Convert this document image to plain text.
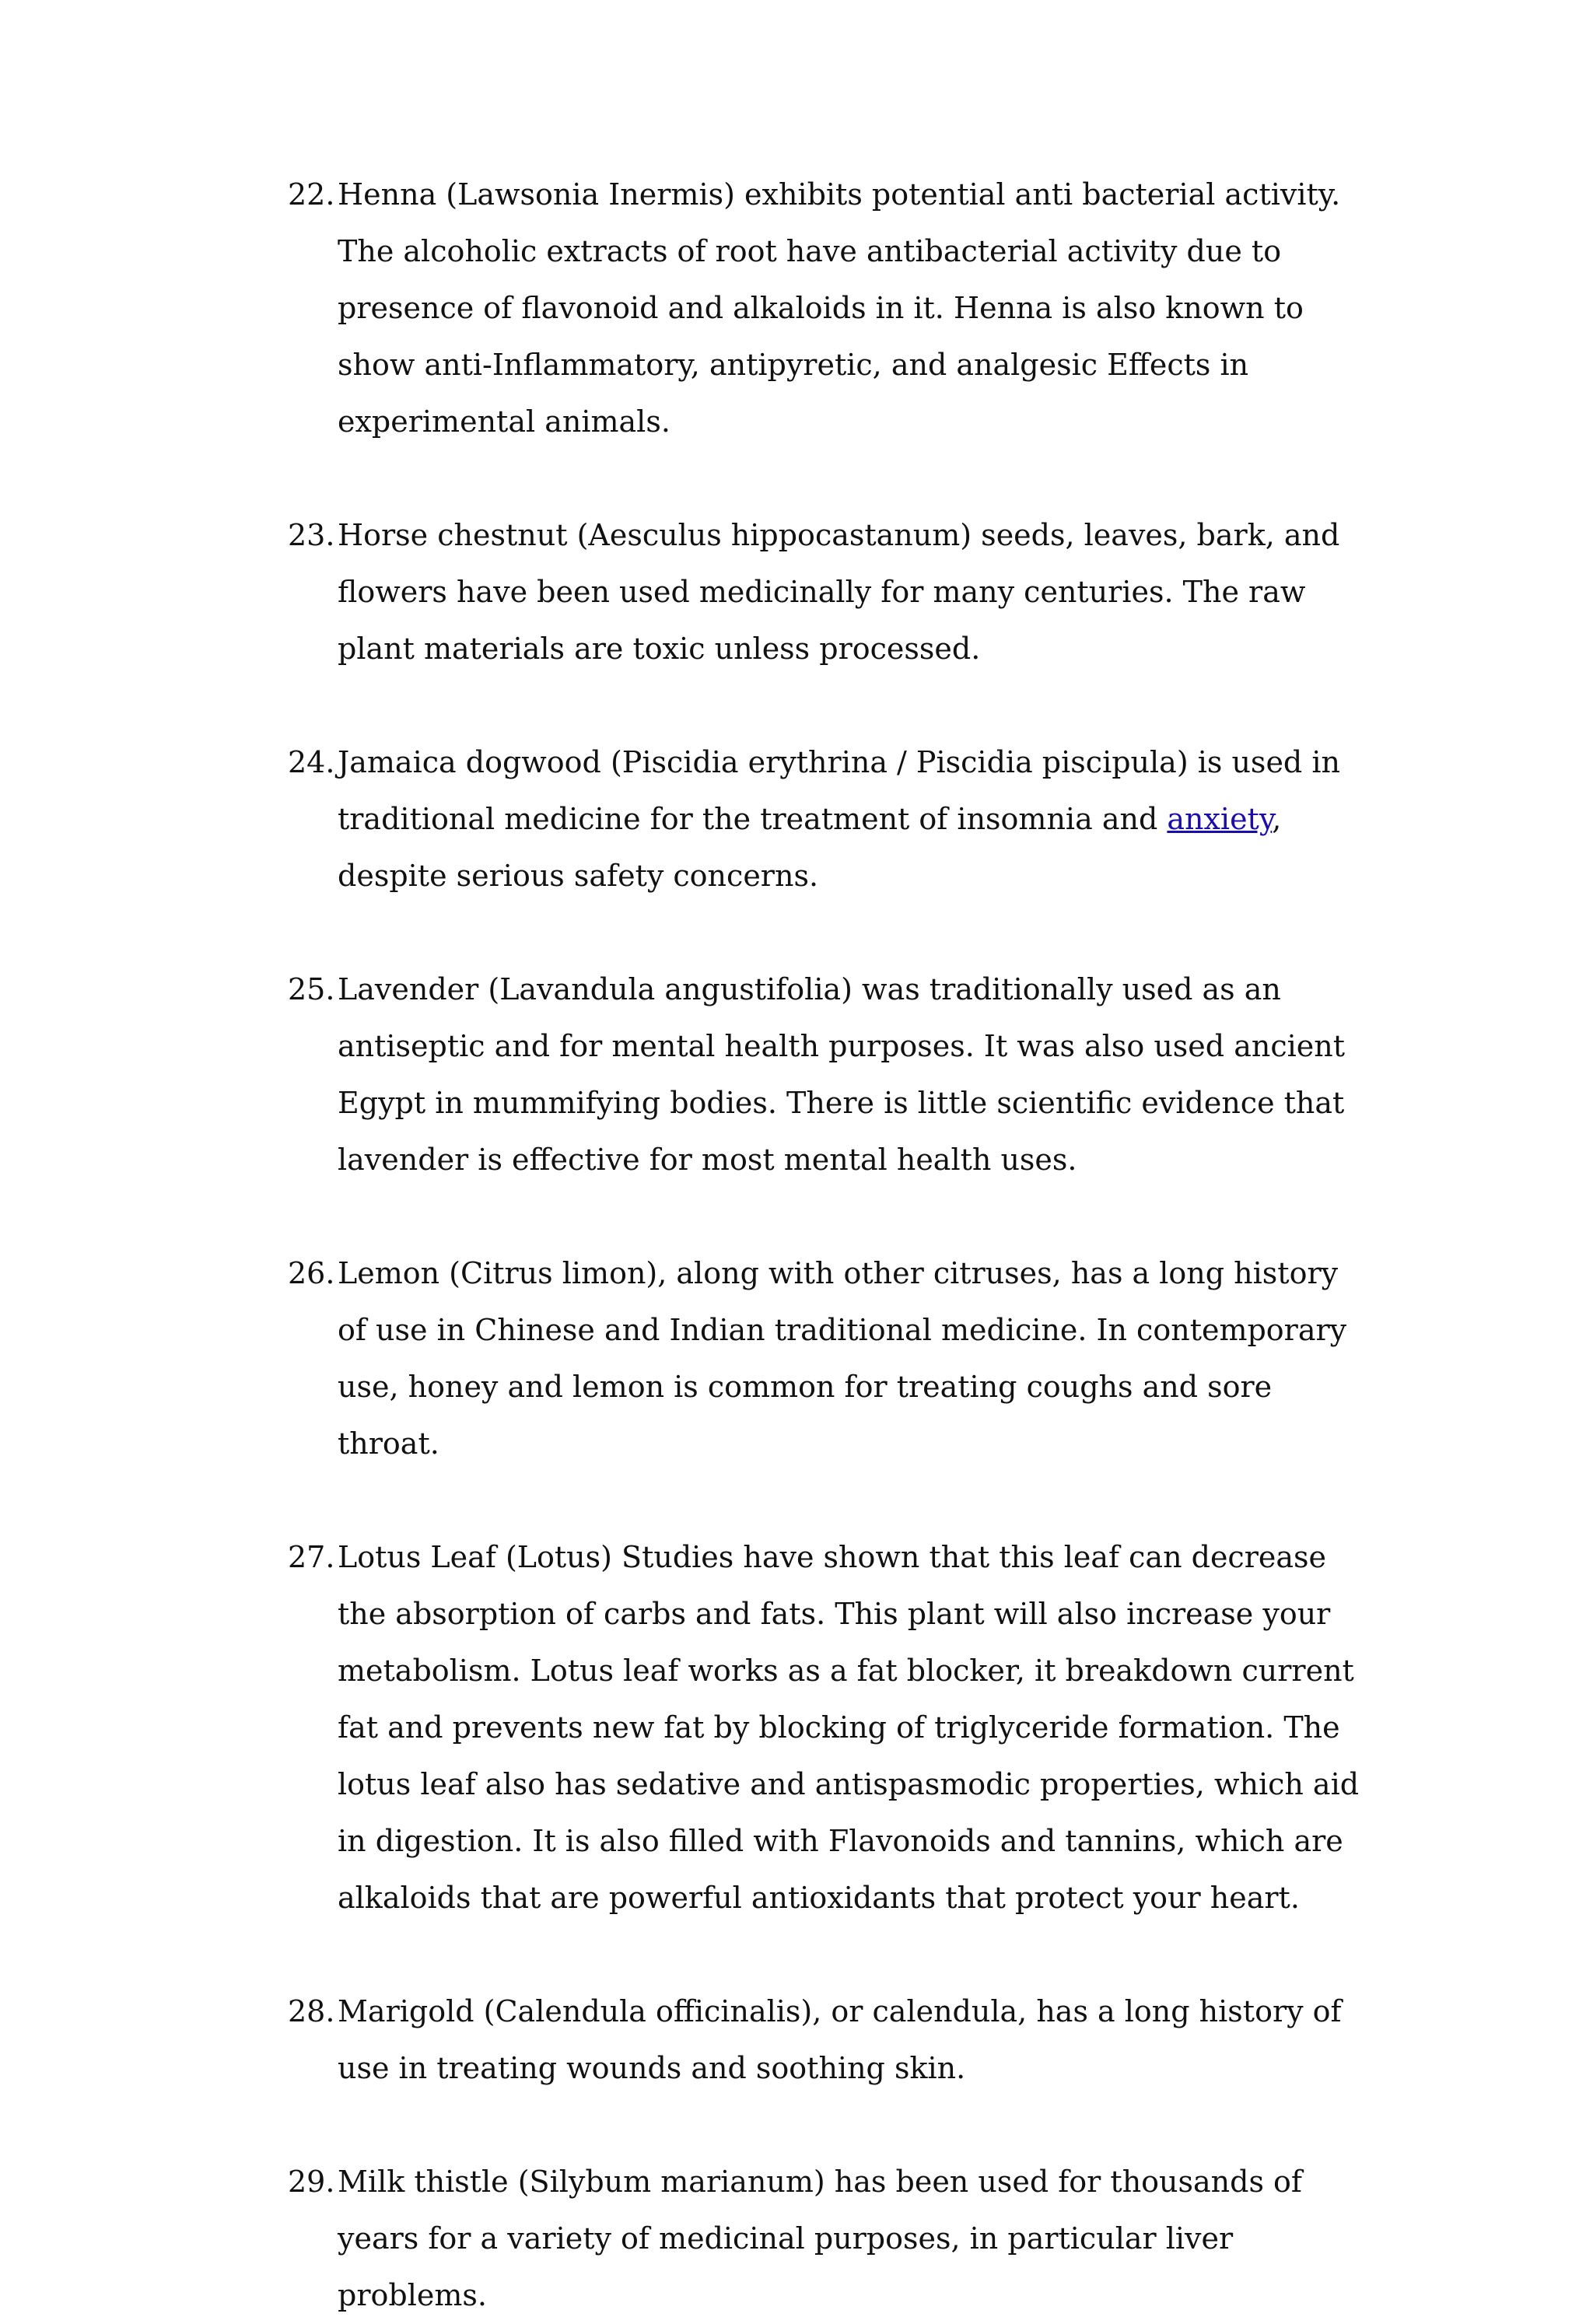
22. Henna (Lawsonia Inermis) exhibits potential anti bacterial activity. The alcoholic extracts of root have antibacterial activity due to presence of flavonoid and alkaloids in it. Henna is also known to show anti-Inflammatory, antipyretic, and analgesic Effects in experimental animals.
23. Horse chestnut (Aesculus hippocastanum) seeds, leaves, bark, and flowers have been used medicinally for many centuries. The raw plant materials are toxic unless processed.
24. Jamaica dogwood (Piscidia erythrina / Piscidia piscipula) is used in traditional medicine for the treatment of insomnia and anxiety, despite serious safety concerns.
25. Lavender (Lavandula angustifolia) was traditionally used as an antiseptic and for mental health purposes. It was also used ancient Egypt in mummifying bodies. There is little scientific evidence that lavender is effective for most mental health uses.
26. Lemon (Citrus limon), along with other citruses, has a long history of use in Chinese and Indian traditional medicine. In contemporary use, honey and lemon is common for treating coughs and sore throat.
27. Lotus Leaf (Lotus) Studies have shown that this leaf can decrease the absorption of carbs and fats. This plant will also increase your metabolism. Lotus leaf works as a fat blocker, it breakdown current fat and prevents new fat by blocking of triglyceride formation. The lotus leaf also has sedative and antispasmodic properties, which aid in digestion. It is also filled with Flavonoids and tannins, which are alkaloids that are powerful antioxidants that protect your heart.
28. Marigold (Calendula officinalis), or calendula, has a long history of use in treating wounds and soothing skin.
29. Milk thistle (Silybum marianum) has been used for thousands of years for a variety of medicinal purposes, in particular liver problems.
